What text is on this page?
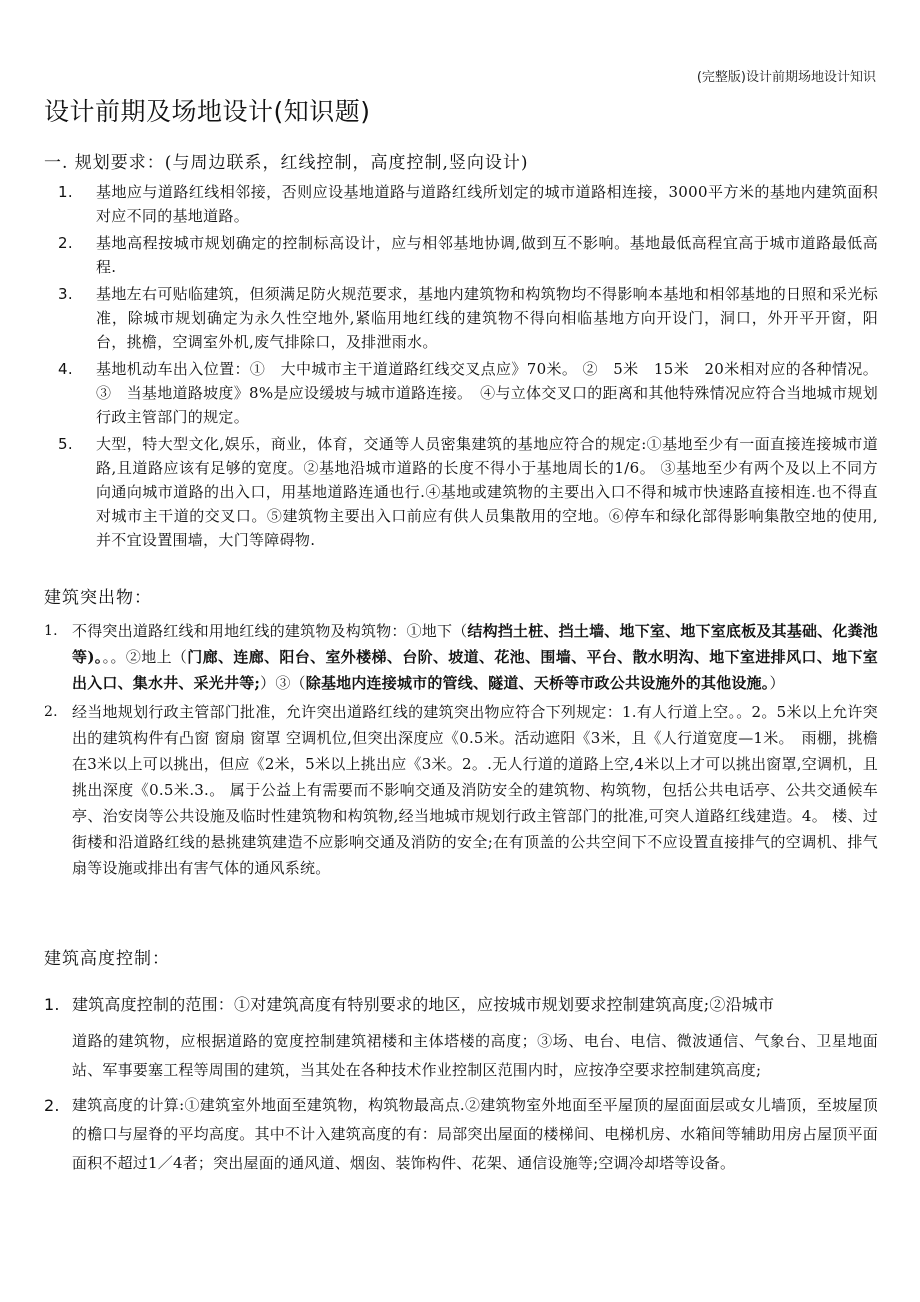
(完整版)设计前期场地设计知识
设计前期及场地设计(知识题)
一. 规划要求：(与周边联系，红线控制，高度控制,竖向设计)
1.	基地应与道路红线相邻接，否则应设基地道路与道路红线所划定的城市道路相连接，3000平方米的基地内建筑面积对应不同的基地道路。
2.	基地高程按城市规划确定的控制标高设计，应与相邻基地协调,做到互不影响。基地最低高程宜高于城市道路最低高程.
3.	基地左右可贴临建筑，但须满足防火规范要求，基地内建筑物和构筑物均不得影响本基地和相邻基地的日照和采光标准，除城市规划确定为永久性空地外,紧临用地红线的建筑物不得向相临基地方向开设门，洞口，外开平开窗，阳台，挑檐，空调室外机,废气排除口，及排泄雨水。
4.	基地机动车出入位置：①　大中城市主干道道路红线交叉点应》70米。 ②　5米　15米　20米相对应的各种情况。③　当基地道路坡度》8%是应设缓坡与城市道路连接。　④与立体交叉口的距离和其他特殊情况应符合当地城市规划行政主管部门的规定。
5.	大型，特大型文化,娱乐，商业，体育，交通等人员密集建筑的基地应符合的规定:①基地至少有一面直接连接城市道路,且道路应该有足够的宽度。②基地沿城市道路的长度不得小于基地周长的1/6。 ③基地至少有两个及以上不同方向通向城市道路的出入口，用基地道路连通也行.④基地或建筑物的主要出入口不得和城市快速路直接相连.也不得直对城市主干道的交叉口。⑤建筑物主要出入口前应有供人员集散用的空地。⑥停车和绿化部得影响集散空地的使用,并不宜设置围墙，大门等障碍物.
建筑突出物：
1. 不得突出道路红线和用地红线的建筑物及构筑物：①地下（结构挡土桩、挡土墙、地下室、地下室底板及其基础、化粪池等)。。。②地上（门廊、连廊、阳台、室外楼梯、台阶、坡道、花池、围墙、平台、散水明沟、地下室进排风口、地下室出入口、集水井、采光井等;）③（除基地内连接城市的管线、隧道、天桥等市政公共设施外的其他设施。）
2. 经当地规划行政主管部门批准，允许突出道路红线的建筑突出物应符合下列规定：1.有人行道上空。。2。5米以上允许突出的建筑构件有凸窗 窗扇 窗罩 空调机位,但突出深度应《0.5米。活动遮阳《3米，且《人行道宽度—1米。　雨棚，挑檐在3米以上可以挑出，但应《2米，5米以上挑出应《3米。2。.无人行道的道路上空,4米以上才可以挑出窗罩,空调机，且挑出深度《0.5米.3.。 属于公益上有需要而不影响交通及消防安全的建筑物、构筑物，包括公共电话亭、公共交通候车亭、治安岗等公共设施及临时性建筑物和构筑物,经当地城市规划行政主管部门的批准,可突人道路红线建造。4。 楼、过街楼和沿道路红线的悬挑建筑建造不应影响交通及消防的安全;在有顶盖的公共空间下不应设置直接排气的空调机、排气扇等设施或排出有害气体的通风系统。
建筑高度控制：
1. 建筑高度控制的范围：①对建筑高度有特别要求的地区，应按城市规划要求控制建筑高度;②沿城市
道路的建筑物，应根据道路的宽度控制建筑裙楼和主体塔楼的高度；③场、电台、电信、微波通信、气象台、卫星地面站、军事要塞工程等周围的建筑，当其处在各种技术作业控制区范围内时，应按净空要求控制建筑高度;
2. 建筑高度的计算:①建筑室外地面至建筑物，构筑物最高点.②建筑物室外地面至平屋顶的屋面面层或女儿墙顶，至坡屋顶的檐口与屋脊的平均高度。其中不计入建筑高度的有：局部突出屋面的楼梯间、电梯机房、水箱间等辅助用房占屋顶平面面积不超过1／4者；突出屋面的通风道、烟囱、装饰构件、花架、通信设施等;空调冷却塔等设备。
